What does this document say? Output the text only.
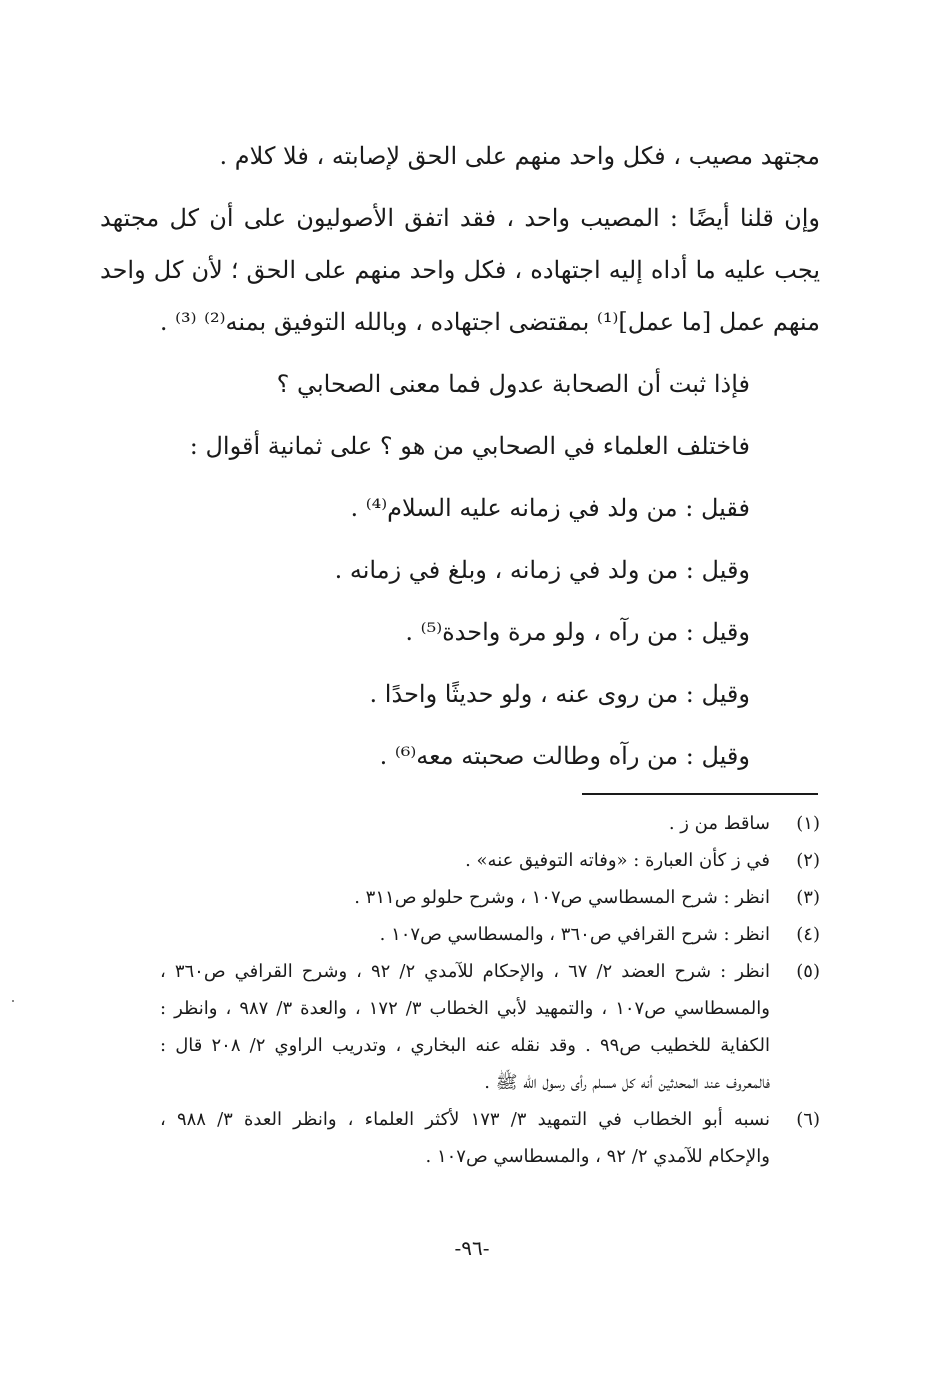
مجتهد مصيب ، فكل واحد منهم على الحق لإصابته ، فلا كلام .
وإن قلنا أيضًا : المصيب واحد ، فقد اتفق الأصوليون على أن كل مجتهد
يجب عليه ما أداه إليه اجتهاده ، فكل واحد منهم على الحق ؛ لأن كل واحد
منهم عمل [ما عمل]⁽¹⁾ بمقتضى اجتهاده ، وبالله التوفيق بمنه⁽²⁾ ⁽³⁾ .
فإذا ثبت أن الصحابة عدول فما معنى الصحابي ؟
فاختلف العلماء في الصحابي من هو ؟ على ثمانية أقوال :
فقيل : من ولد في زمانه عليه السلام⁽⁴⁾ .
وقيل : من ولد في زمانه ، وبلغ في زمانه .
وقيل : من رآه ، ولو مرة واحدة⁽⁵⁾ .
وقيل : من روى عنه ، ولو حديثًا واحدًا .
وقيل : من رآه وطالت صحبته معه⁽⁶⁾ .
(١)
ساقط من ز .
(٢)
في ز كأن العبارة : «وفاته التوفيق عنه» .
(٣)
انظر : شرح المسطاسي ص١٠٧ ، وشرح حلولو ص٣١١ .
(٤)
انظر : شرح القرافي ص٣٦٠ ، والمسطاسي ص١٠٧ .
(٥)
انظر : شرح العضد ٢/ ٦٧ ، والإحكام للآمدي ٢/ ٩٢ ، وشرح القرافي ص٣٦٠ ،
والمسطاسي ص١٠٧ ، والتمهيد لأبي الخطاب ٣/ ١٧٢ ، والعدة ٣/ ٩٨٧ ، وانظر :
الكفاية للخطيب ص٩٩ . وقد نقله عنه البخاري ، وتدريب الراوي ٢/ ٢٠٨ قال :
فالمعروف عند المحدثين أنه كل مسلم رأى رسول الله ﷺ .
(٦)
نسبه أبو الخطاب في التمهيد ٣/ ١٧٣ لأكثر العلماء ، وانظر العدة ٣/ ٩٨٨ ،
والإحكام للآمدي ٢/ ٩٢ ، والمسطاسي ص١٠٧ .
-٩٦-
